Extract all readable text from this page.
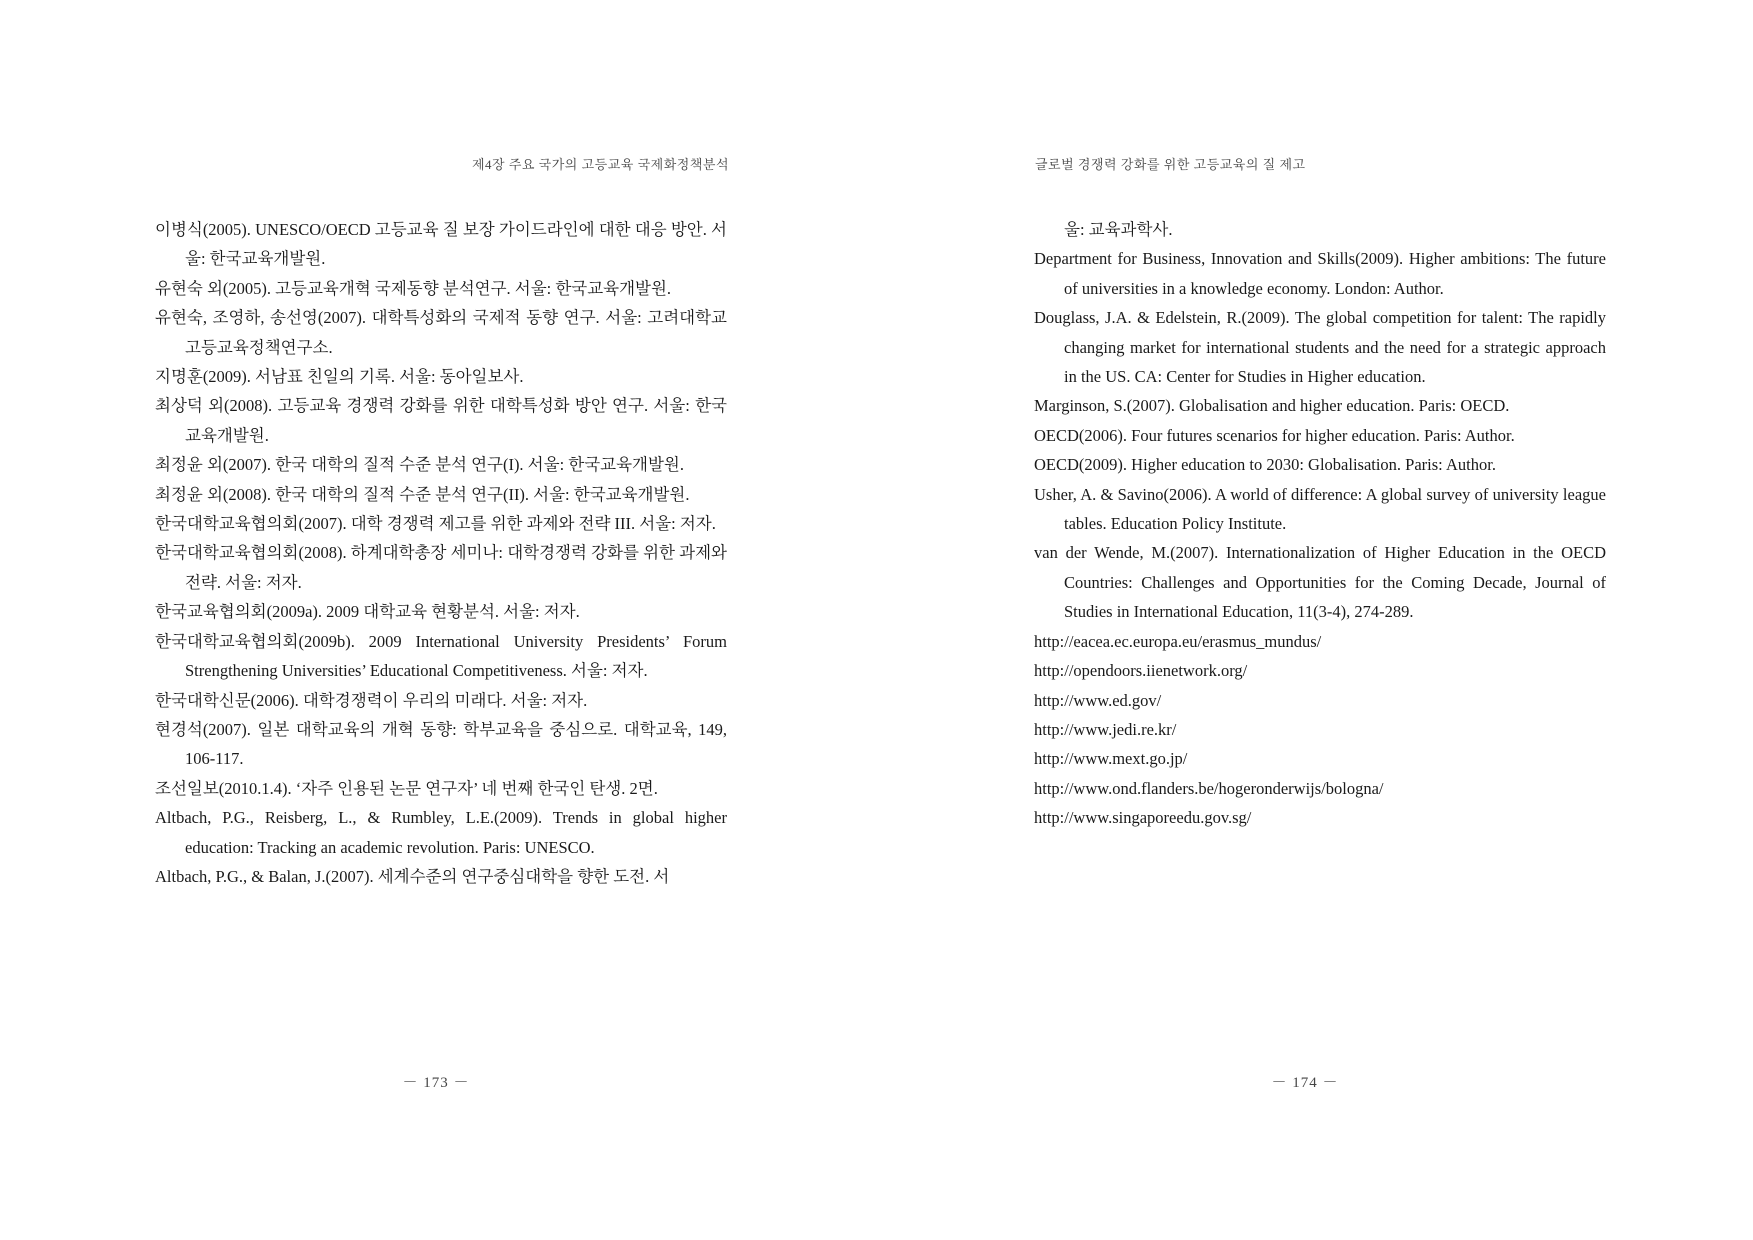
제4장 주요 국가의 고등교육 국제화정책분석

이병식(2005). UNESCO/OECD 고등교육 질 보장 가이드라인에 대한 대응 방안. 서울: 한국교육개발원.

유현숙 외(2005). 고등교육개혁 국제동향 분석연구. 서울: 한국교육개발원.

유현숙, 조영하, 송선영(2007). 대학특성화의 국제적 동향 연구. 서울: 고려대학교 고등교육정책연구소.

지명훈(2009). 서남표 친일의 기록. 서울: 동아일보사.

최상덕 외(2008). 고등교육 경쟁력 강화를 위한 대학특성화 방안 연구. 서울: 한국교육개발원.

최정윤 외(2007). 한국 대학의 질적 수준 분석 연구(I). 서울: 한국교육개발원.

최정윤 외(2008). 한국 대학의 질적 수준 분석 연구(II). 서울: 한국교육개발원.

한국대학교육협의회(2007). 대학 경쟁력 제고를 위한 과제와 전략 III. 서울: 저자.

한국대학교육협의회(2008). 하계대학총장 세미나: 대학경쟁력 강화를 위한 과제와 전략. 서울: 저자.

한국교육협의회(2009a). 2009 대학교육 현황분석. 서울: 저자.

한국대학교육협의회(2009b). 2009 International University Presidents’ Forum Strengthening Universities’ Educational Competitiveness. 서울: 저자.

한국대학신문(2006). 대학경쟁력이 우리의 미래다. 서울: 저자.

현경석(2007). 일본 대학교육의 개혁 동향: 학부교육을 중심으로. 대학교육, 149, 106-117.

조선일보(2010.1.4). ‘자주 인용된 논문 연구자’ 네 번째 한국인 탄생. 2면.

Altbach, P.G., Reisberg, L., & Rumbley, L.E.(2009). Trends in global higher education: Tracking an academic revolution. Paris: UNESCO.

Altbach, P.G., & Balan, J.(2007). 세계수준의 연구중심대학을 향한 도전. 서

－ 173 －
글로벌 경쟁력 강화를 위한 고등교육의 질 제고

울: 교육과학사.

Department for Business, Innovation and Skills(2009). Higher ambitions: The future of universities in a knowledge economy. London: Author.

Douglass, J.A. & Edelstein, R.(2009). The global competition for talent: The rapidly changing market for international students and the need for a strategic approach in the US. CA: Center for Studies in Higher education.

Marginson, S.(2007). Globalisation and higher education. Paris: OECD.

OECD(2006). Four futures scenarios for higher education. Paris: Author.

OECD(2009). Higher education to 2030: Globalisation. Paris: Author.

Usher, A. & Savino(2006). A world of difference: A global survey of university league tables. Education Policy Institute.

van der Wende, M.(2007). Internationalization of Higher Education in the OECD Countries: Challenges and Opportunities for the Coming Decade, Journal of Studies in International Education, 11(3-4), 274-289.

http://eacea.ec.europa.eu/erasmus_mundus/

http://opendoors.iienetwork.org/

http://www.ed.gov/

http://www.jedi.re.kr/

http://www.mext.go.jp/

http://www.ond.flanders.be/hogeronderwijs/bologna/

http://www.singaporeedu.gov.sg/

－ 174 －
